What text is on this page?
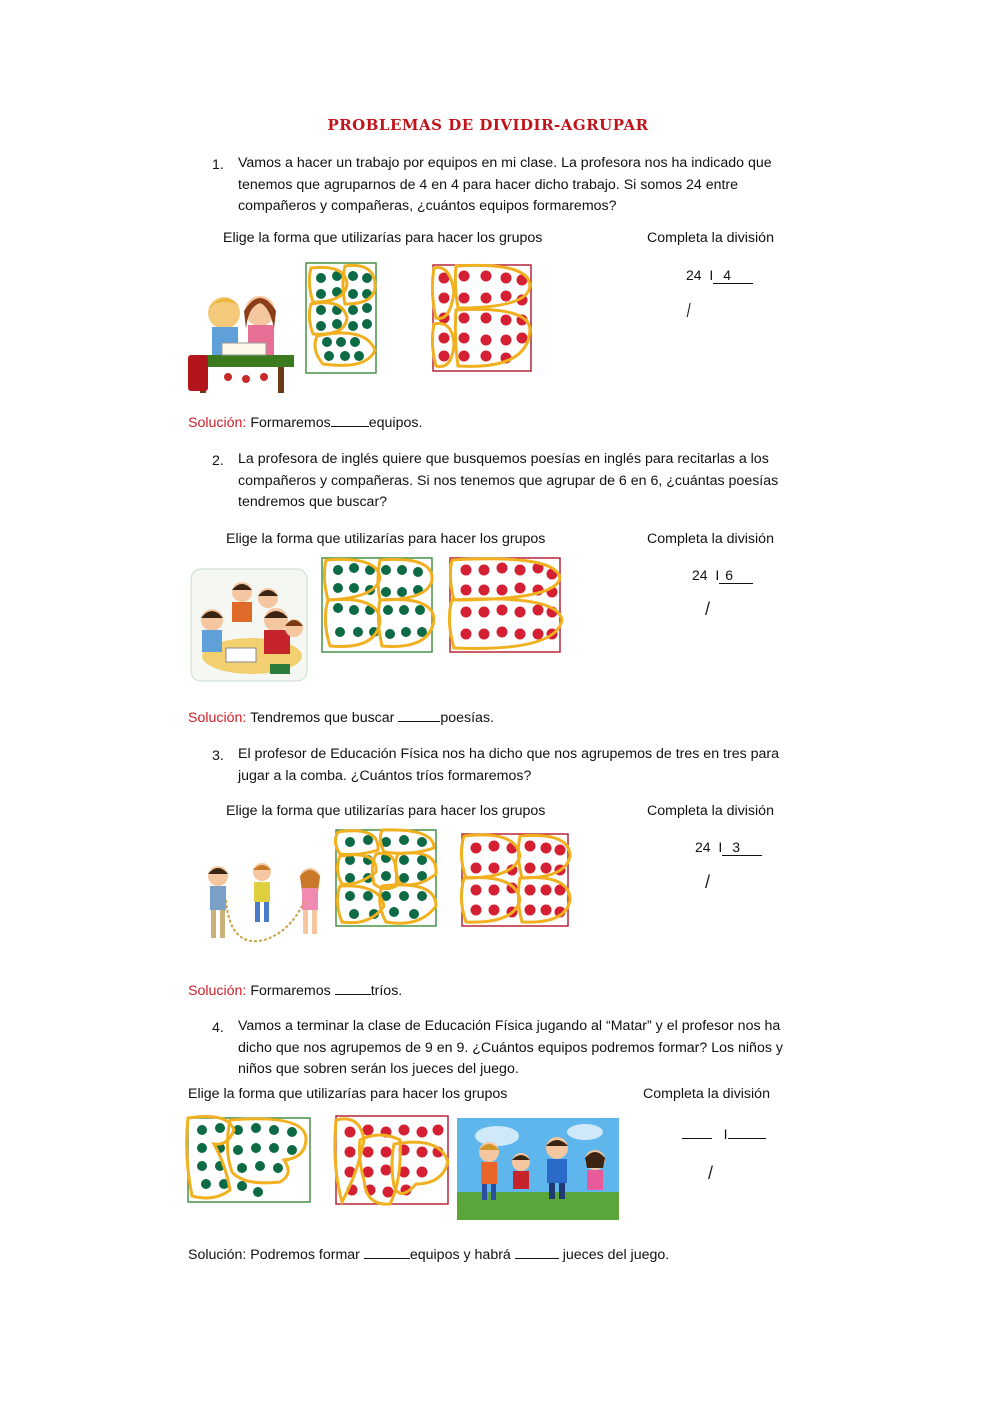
PROBLEMAS DE DIVIDIR-AGRUPAR
1. Vamos a hacer un trabajo por equipos en mi clase. La profesora nos ha indicado que
tenemos que agruparnos de 4 en 4 para hacer dicho trabajo. Si somos 24 entre
compañeros y compañeras, ¿cuántos equipos formaremos?
Elige la forma que utilizarías para hacer los grupos	Completa la división
24  I 4
⁄
Solución: Formaremos	equipos.
2. La profesora de inglés quiere que busquemos poesías en inglés para recitarlas a los
compañeros y compañeras. Si nos tenemos que agrupar de 6 en 6, ¿cuántas poesías
tendremos que buscar?
Elige la forma que utilizarías para hacer los grupos	Completa la división
24  I 6
/
Solución: Tendremos que buscar	poesías.
3. El profesor de Educación Física nos ha dicho que nos agrupemos de tres en tres para
jugar a la comba. ¿Cuántos tríos formaremos?
Elige la forma que utilizarías para hacer los grupos	Completa la división
24  I 3
/
Solución: Formaremos	tríos.
4. Vamos a terminar la clase de Educación Física jugando al “Matar” y el profesor nos ha
dicho que nos agrupemos de 9 en 9. ¿Cuántos equipos podremos formar? Los niños y
niños que sobren serán los jueces del juego.
Elige la forma que utilizarías para hacer los grupos	Completa la división
I
/
Solución: Podremos formar	equipos y habrá	jueces del juego.
